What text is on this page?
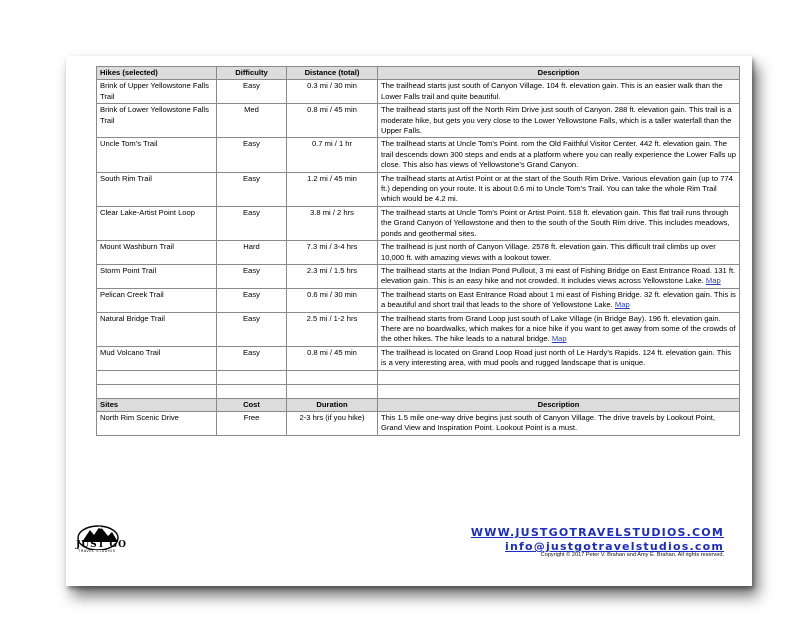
Hikes (selected)	Difficulty	Distance (total)	Description
Brink of Upper Yellowstone Falls Trail	Easy	0.3 mi / 30 min	The trailhead starts just south of Canyon Village. 104 ft. elevation gain. This is an easier walk than the Lower Falls trail and quite beautiful.
Brink of Lower Yellowstone Falls Trail	Med	0.8 mi / 45 min	The trailhead starts just off the North Rim Drive just south of Canyon. 288 ft. elevation gain. This trail is a moderate hike, but gets you very close to the Lower Yellowstone Falls, which is a taller waterfall than the Upper Falls.
Uncle Tom’s Trail	Easy	0.7 mi / 1 hr	The trailhead starts at Uncle Tom’s Point. rom the Old Faithful Visitor Center. 442 ft. elevation gain. The trail descends down 300 steps and ends at a platform where you can really experience the Lower Falls up close. This also has views of Yellowstone’s Grand Canyon.
South Rim Trail	Easy	1.2 mi / 45 min	The trailhead starts at Artist Point or at the start of the South Rim Drive. Various elevation gain (up to 774 ft.) depending on your route. It is about 0.6 mi to Uncle Tom’s Trail. You can take the whole Rim Trail which would be 4.2 mi.
Clear Lake-Artist Point Loop	Easy	3.8 mi / 2 hrs	The trailhead starts at Uncle Tom’s Point or Artist Point. 518 ft. elevation gain. This flat trail runs through the Grand Canyon of Yellowstone and then to the south of the South Rim drive. This includes meadows, ponds and geothermal sites.
Mount Washburn Trail	Hard	7.3 mi / 3-4 hrs	The trailhead is just north of Canyon Village. 2578 ft. elevation gain. This difficult trail climbs up over 10,000 ft. with amazing views with a lookout tower.
Storm Point Trail	Easy	2.3 mi / 1.5 hrs	The trailhead starts at the Indian Pond Pullout, 3 mi east of Fishing Bridge on East Entrance Road. 131 ft. elevation gain. This is an easy hike and not crowded. It includes views across Yellowstone Lake. Map
Pelican Creek Trail	Easy	0.6 mi / 30 min	The trailhead starts on East Entrance Road about 1 mi east of Fishing Bridge. 32 ft. elevation gain. This is a beautiful and short trail that leads to the shore of Yellowstone Lake. Map
Natural Bridge Trail	Easy	2.5 mi / 1-2 hrs	The trailhead starts from Grand Loop just south of Lake Village (in Bridge Bay). 196 ft. elevation gain. There are no boardwalks, which makes for a nice hike if you want to get away from some of the crowds of the other hikes. The hike leads to a natural bridge. Map
Mud Volcano Trail	Easy	0.8 mi / 45 min	The trailhead is located on Grand Loop Road just north of Le Hardy’s Rapids. 124 ft. elevation gain. This is a very interesting area, with mud pools and rugged landscape that is unique.

Sites	Cost	Duration	Description
North Rim Scenic Drive	Free	2-3 hrs (if you hike)	This 1.5 mile one-way drive begins just south of Canyon Village. The drive travels by Lookout Point, Grand View and Inspiration Point. Lookout Point is a must.
JUST GO
TRAVEL STUDIOS
WWW.JUSTGOTRAVELSTUDIOS.COM
info@justgotravelstudios.com
Copyright © 2017 Peter V. Brahan and Amy E. Brahan. All rights reserved.
